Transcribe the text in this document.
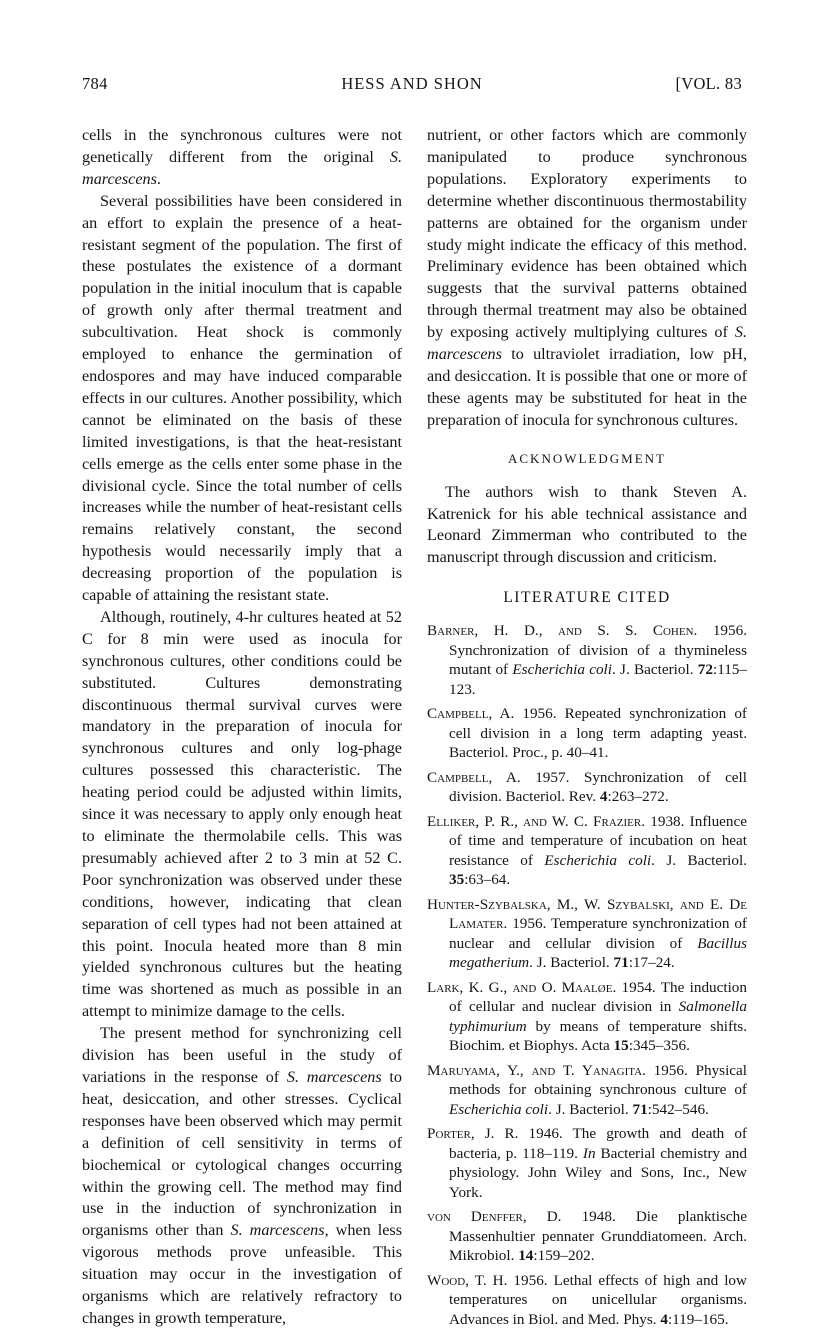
784	HESS AND SHON	[VOL. 83

cells in the synchronous cultures were not genetically different from the original S. marcescens.

Several possibilities have been considered in an effort to explain the presence of a heat-resistant segment of the population. The first of these postulates the existence of a dormant population in the initial inoculum that is capable of growth only after thermal treatment and subcultivation. Heat shock is commonly employed to enhance the germination of endospores and may have induced comparable effects in our cultures. Another possibility, which cannot be eliminated on the basis of these limited investigations, is that the heat-resistant cells emerge as the cells enter some phase in the divisional cycle. Since the total number of cells increases while the number of heat-resistant cells remains relatively constant, the second hypothesis would necessarily imply that a decreasing proportion of the population is capable of attaining the resistant state.

Although, routinely, 4-hr cultures heated at 52 C for 8 min were used as inocula for synchronous cultures, other conditions could be substituted. Cultures demonstrating discontinuous thermal survival curves were mandatory in the preparation of inocula for synchronous cultures and only log-phage cultures possessed this characteristic. The heating period could be adjusted within limits, since it was necessary to apply only enough heat to eliminate the thermolabile cells. This was presumably achieved after 2 to 3 min at 52 C. Poor synchronization was observed under these conditions, however, indicating that clean separation of cell types had not been attained at this point. Inocula heated more than 8 min yielded synchronous cultures but the heating time was shortened as much as possible in an attempt to minimize damage to the cells.

The present method for synchronizing cell division has been useful in the study of variations in the response of S. marcescens to heat, desiccation, and other stresses. Cyclical responses have been observed which may permit a definition of cell sensitivity in terms of biochemical or cytological changes occurring within the growing cell. The method may find use in the induction of synchronization in organisms other than S. marcescens, when less vigorous methods prove unfeasible. This situation may occur in the investigation of organisms which are relatively refractory to changes in growth temperature,

nutrient, or other factors which are commonly manipulated to produce synchronous populations. Exploratory experiments to determine whether discontinuous thermostability patterns are obtained for the organism under study might indicate the efficacy of this method. Preliminary evidence has been obtained which suggests that the survival patterns obtained through thermal treatment may also be obtained by exposing actively multiplying cultures of S. marcescens to ultraviolet irradiation, low pH, and desiccation. It is possible that one or more of these agents may be substituted for heat in the preparation of inocula for synchronous cultures.

ACKNOWLEDGMENT

The authors wish to thank Steven A. Katrenick for his able technical assistance and Leonard Zimmerman who contributed to the manuscript through discussion and criticism.

LITERATURE CITED

Barner, H. D., and S. S. Cohen. 1956. Synchronization of division of a thymineless mutant of Escherichia coli. J. Bacteriol. 72:115–123.
Campbell, A. 1956. Repeated synchronization of cell division in a long term adapting yeast. Bacteriol. Proc., p. 40–41.
Campbell, A. 1957. Synchronization of cell division. Bacteriol. Rev. 4:263–272.
Elliker, P. R., and W. C. Frazier. 1938. Influence of time and temperature of incubation on heat resistance of Escherichia coli. J. Bacteriol. 35:63–64.
Hunter-Szybalska, M., W. Szybalski, and E. De Lamater. 1956. Temperature synchronization of nuclear and cellular division of Bacillus megatherium. J. Bacteriol. 71:17–24.
Lark, K. G., and O. Maaløe. 1954. The induction of cellular and nuclear division in Salmonella typhimurium by means of temperature shifts. Biochim. et Biophys. Acta 15:345–356.
Maruyama, Y., and T. Yanagita. 1956. Physical methods for obtaining synchronous culture of Escherichia coli. J. Bacteriol. 71:542–546.
Porter, J. R. 1946. The growth and death of bacteria, p. 118–119. In Bacterial chemistry and physiology. John Wiley and Sons, Inc., New York.
von Denffer, D. 1948. Die planktische Massenhultier pennater Grunddiatomeen. Arch. Mikrobiol. 14:159–202.
Wood, T. H. 1956. Lethal effects of high and low temperatures on unicellular organisms. Advances in Biol. and Med. Phys. 4:119–165.
